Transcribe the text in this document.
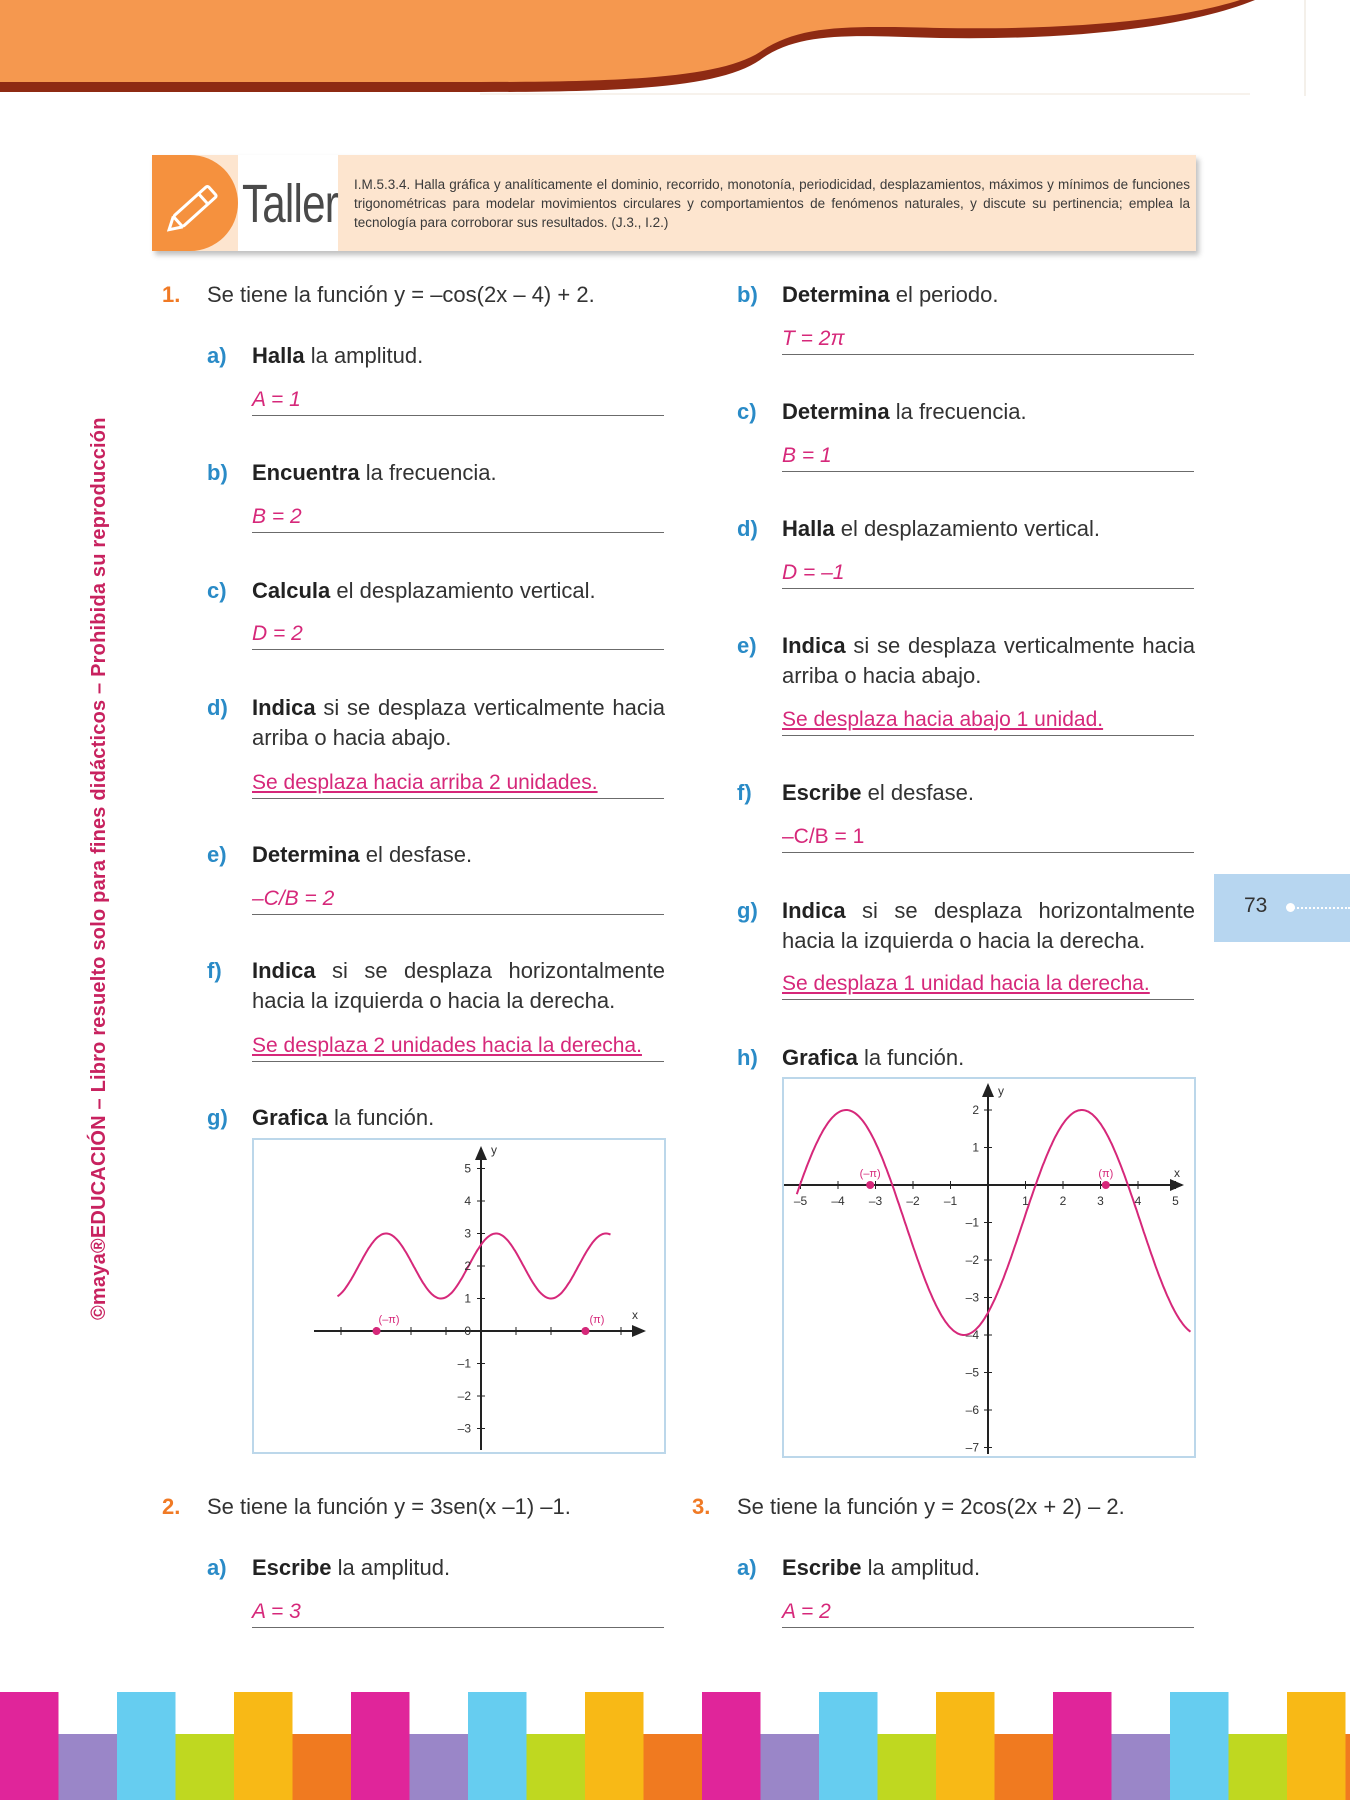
Taller I.M.5.3.4. Halla gráfica y analíticamente el dominio, recorrido, monotonía, periodicidad, desplazamientos, máximos y mínimos de funciones trigonométricas para modelar movimientos circulares y comportamientos de fenómenos naturales, y discute su pertinencia; emplea la tecnología para corroborar sus resultados. (J.3., I.2.)
©maya®EDUCACIÓN – Libro resuelto solo para fines didácticos – Prohibida su reproducción	73
1. Se tiene la función y = –cos(2x – 4) + 2.
a) Halla la amplitud.
A = 1
b) Encuentra la frecuencia.
B = 2
c) Calcula el desplazamiento vertical.
D = 2
d) Indica si se desplaza verticalmente hacia arriba o hacia abajo.
Se desplaza hacia arriba 2 unidades.
e) Determina el desfase.
–C/B = 2
f) Indica si se desplaza horizontalmente hacia la izquierda o hacia la derecha.
Se desplaza 2 unidades hacia la derecha.
g) Grafica la función.
5
4
3
2
1
0
–1
–2
–3
x
y
(–π)	(π)
b) Determina el periodo.
T = 2π
c) Determina la frecuencia.
B = 1
d) Halla el desplazamiento vertical.
D = –1
e) Indica si se desplaza verticalmente hacia arriba o hacia abajo.
Se desplaza hacia abajo 1 unidad.
f) Escribe el desfase.
–C/B = 1
g) Indica si se desplaza horizontalmente hacia la izquierda o hacia la derecha.
Se desplaza 1 unidad hacia la derecha.
h) Grafica la función.
–5 –4 –3 –2 –1	1	2	3	4	5
2
1
–1
–2
–3
–4
–5
–6
–7
x
y
(–π)	(π)
2. Se tiene la función y = 3sen(x –1) –1.
a) Escribe la amplitud.
A = 3
3. Se tiene la función y = 2cos(2x + 2) – 2.
a) Escribe la amplitud.
A = 2
